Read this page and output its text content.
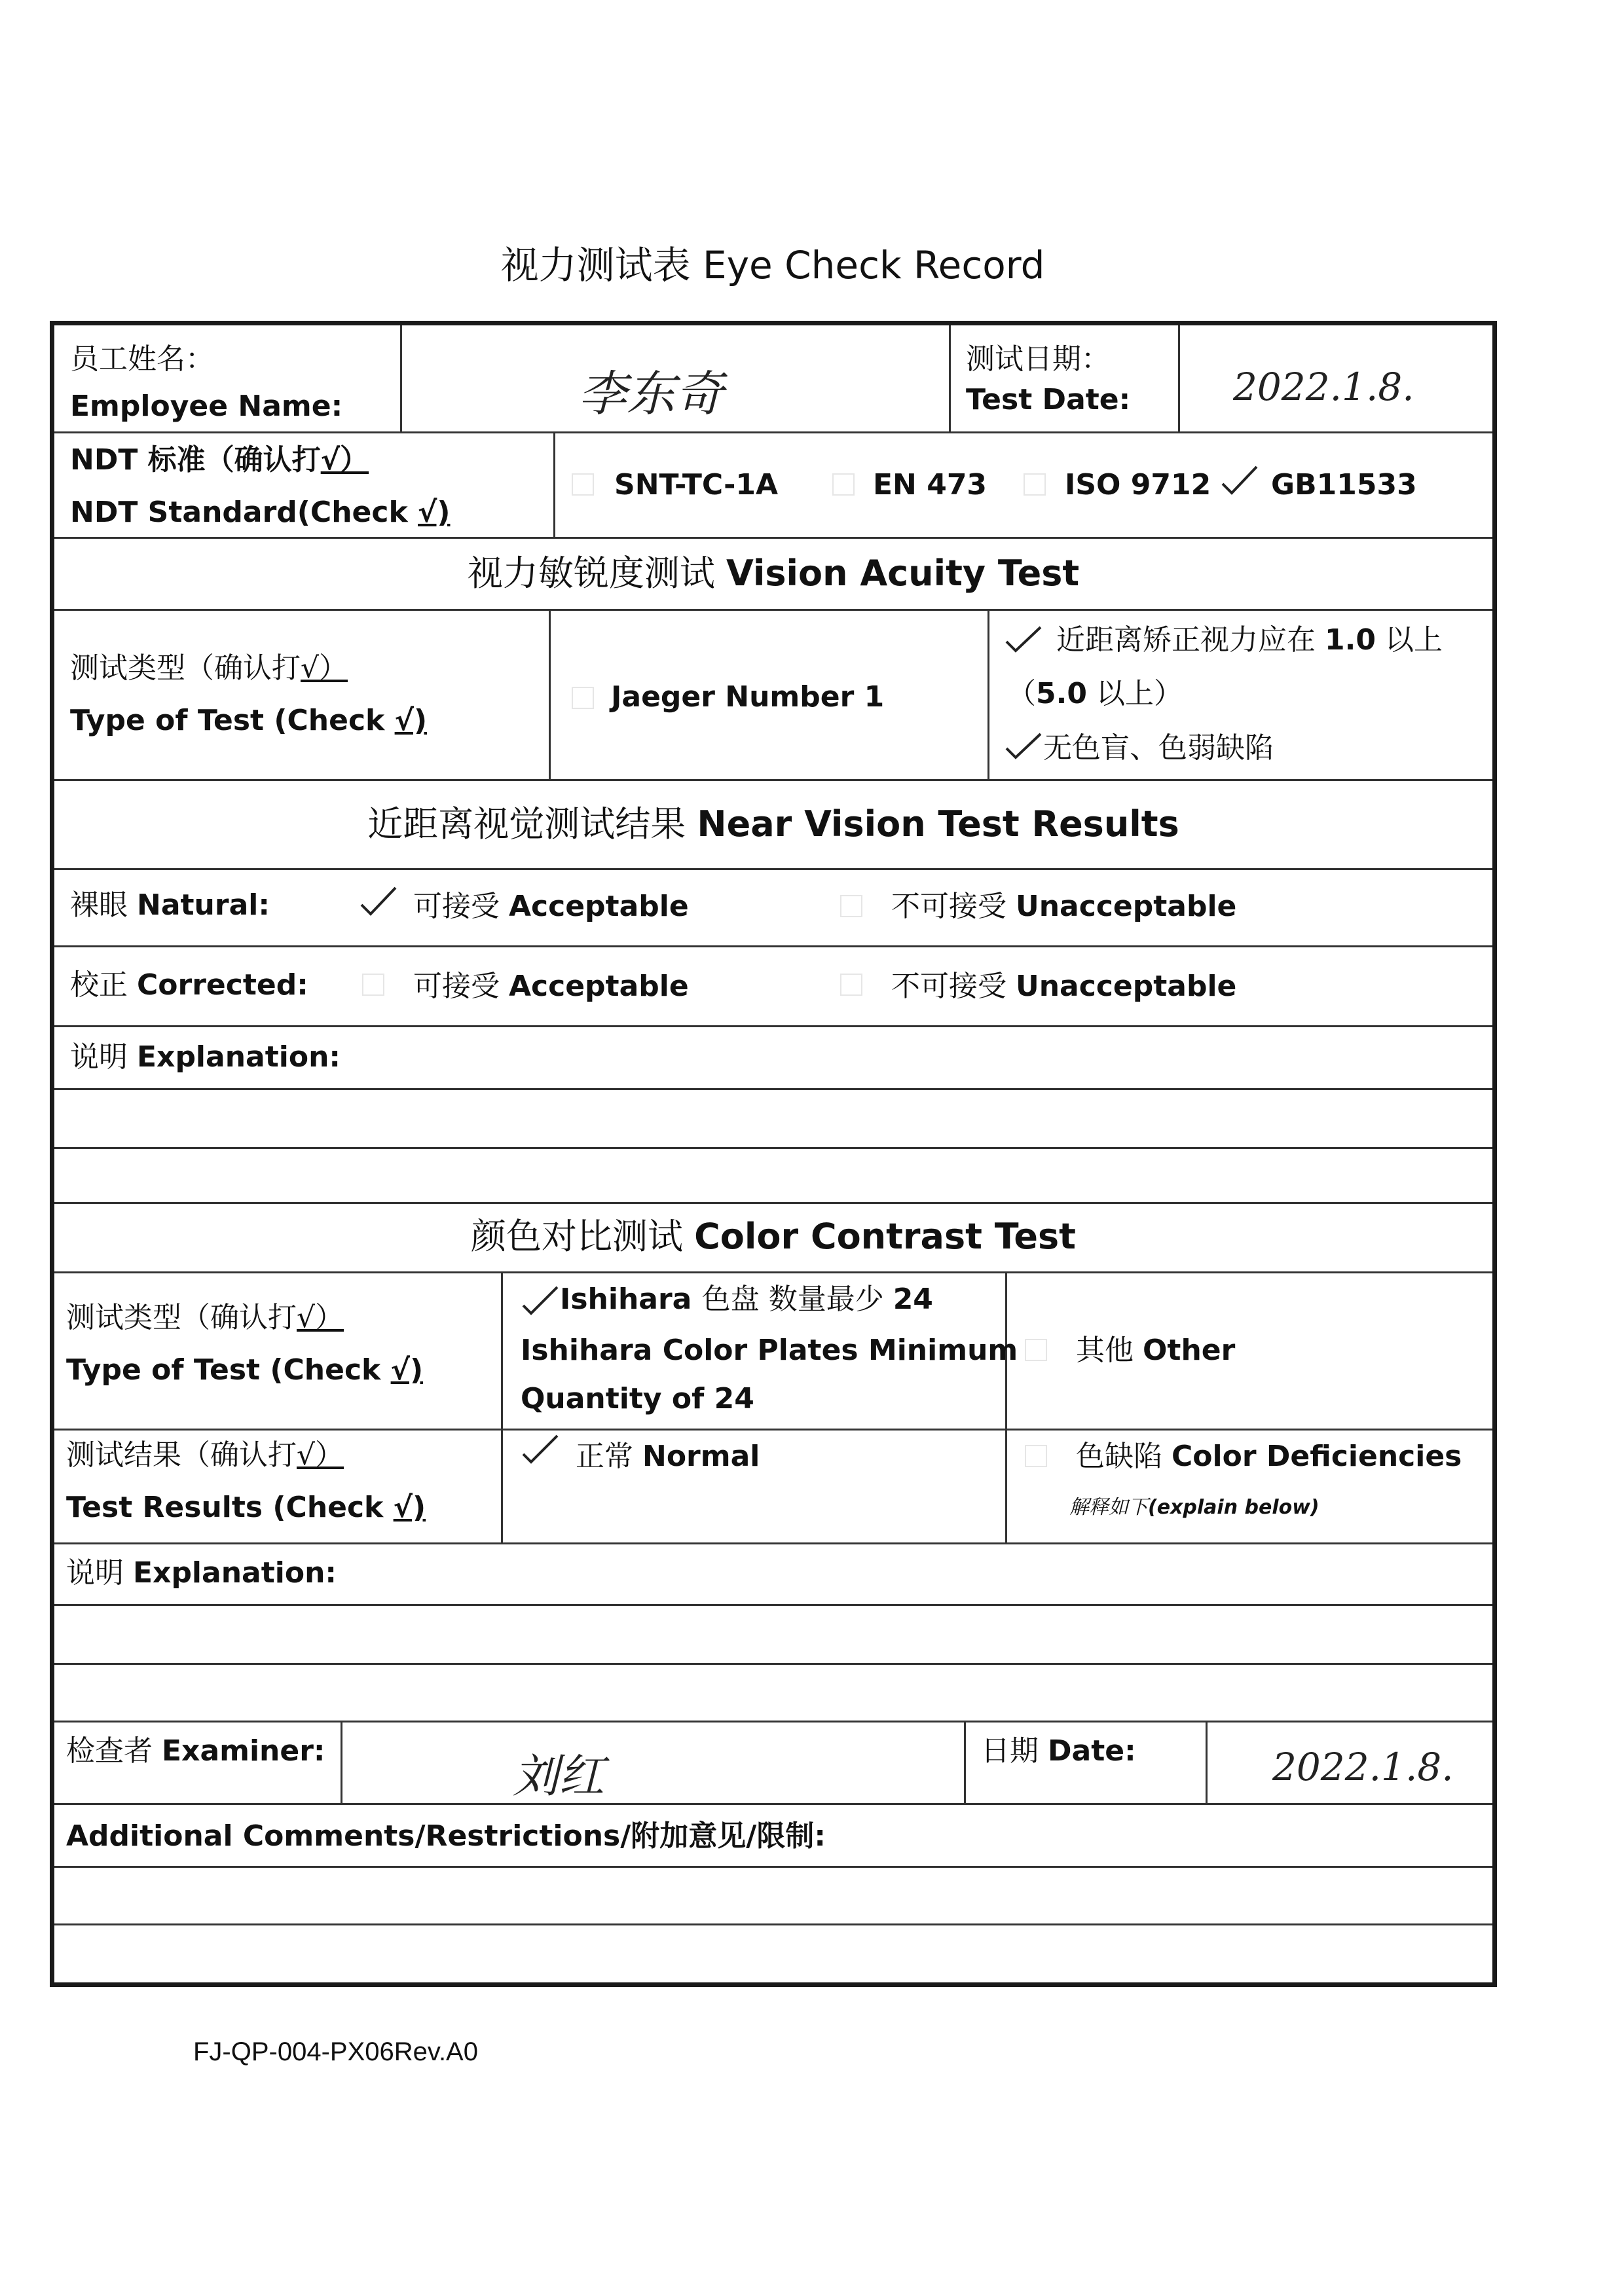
视力测试表 Eye Check Record
员工姓名：
Employee Name:	李东奇
测试日期：
Test Date:	2022.1.8.
NDT 标准（确认打√）
NDT Standard(Check √)
SNT-TC-1A	EN 473	ISO 9712 GB11533
视力敏锐度测试 Vision Acuity Test
测试类型（确认打√）
Type of Test (Check √)
Jaeger Number 1
近距离矫正视力应在 1.0 以上
（5.0 以上）
无色盲、色弱缺陷
近距离视觉测试结果 Near Vision Test Results
裸眼 Natural:	可接受 Acceptable	不可接受 Unacceptable
校正 Corrected:	可接受 Acceptable	不可接受 Unacceptable
说明 Explanation:
颜色对比测试 Color Contrast Test
测试类型（确认打√）
Type of Test (Check √)
Ishihara 色盘 数量最少 24
Ishihara Color Plates Minimum
Quantity of 24
其他 Other
测试结果（确认打√）
Test Results (Check √)
正常 Normal	色缺陷 Color Deficiencies
解释如下(explain below)
说明 Explanation:
检查者 Examiner:	刘红	日期 Date:	2022.1.8.
Additional Comments/Restrictions/附加意见/限制:
FJ-QP-004-PX06Rev.A0
